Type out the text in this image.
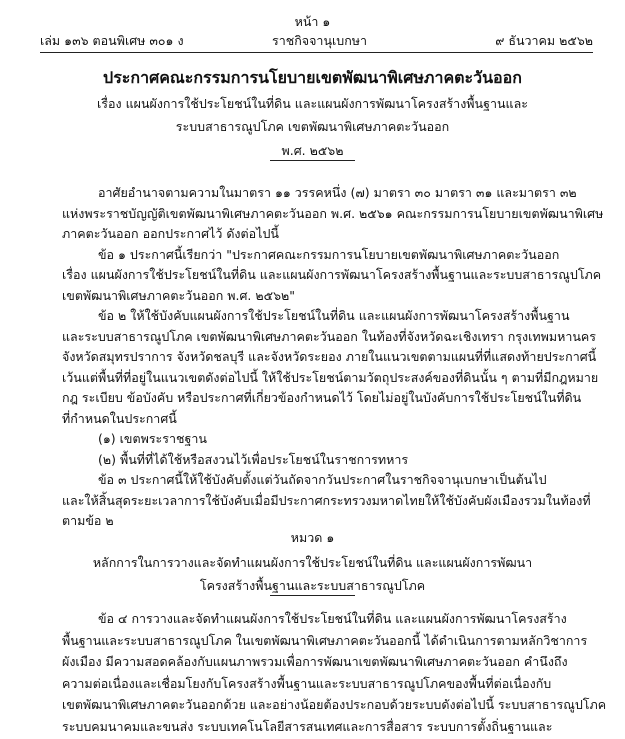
หน้า ๑
เล่ม ๑๓๖ ตอนพิเศษ ๓๐๑ ง	ราชกิจจานุเบกษา	๙ ธันวาคม ๒๕๖๒
ประกาศคณะกรรมการนโยบายเขตพัฒนาพิเศษภาคตะวันออก
เรื่อง แผนผังการใช้ประโยชน์ในที่ดิน และแผนผังการพัฒนาโครงสร้างพื้นฐานและ
ระบบสาธารณูปโภค เขตพัฒนาพิเศษภาคตะวันออก
พ.ศ. ๒๕๖๒
อาศัยอำนาจตามความในมาตรา ๑๑ วรรคหนึ่ง (๗) มาตรา ๓๐ มาตรา ๓๑ และมาตรา ๓๒
แห่งพระราชบัญญัติเขตพัฒนาพิเศษภาคตะวันออก พ.ศ. ๒๕๖๑ คณะกรรมการนโยบายเขตพัฒนาพิเศษ
ภาคตะวันออก ออกประกาศไว้ ดังต่อไปนี้
ข้อ ๑ ประกาศนี้เรียกว่า "ประกาศคณะกรรมการนโยบายเขตพัฒนาพิเศษภาคตะวันออก
เรื่อง แผนผังการใช้ประโยชน์ในที่ดิน และแผนผังการพัฒนาโครงสร้างพื้นฐานและระบบสาธารณูปโภค
เขตพัฒนาพิเศษภาคตะวันออก พ.ศ. ๒๕๖๒"
ข้อ ๒ ให้ใช้บังคับแผนผังการใช้ประโยชน์ในที่ดิน และแผนผังการพัฒนาโครงสร้างพื้นฐาน
และระบบสาธารณูปโภค เขตพัฒนาพิเศษภาคตะวันออก ในท้องที่จังหวัดฉะเชิงเทรา กรุงเทพมหานคร
จังหวัดสมุทรปราการ จังหวัดชลบุรี และจังหวัดระยอง ภายในแนวเขตตามแผนที่ที่แสดงท้ายประกาศนี้
เว้นแต่พื้นที่ที่อยู่ในแนวเขตดังต่อไปนี้ ให้ใช้ประโยชน์ตามวัตถุประสงค์ของที่ดินนั้น ๆ ตามที่มีกฎหมาย
กฎ ระเบียบ ข้อบังคับ หรือประกาศที่เกี่ยวข้องกำหนดไว้ โดยไม่อยู่ในบังคับการใช้ประโยชน์ในที่ดิน
ที่กำหนดในประกาศนี้
(๑) เขตพระราชฐาน
(๒) พื้นที่ที่ได้ใช้หรือสงวนไว้เพื่อประโยชน์ในราชการทหาร
ข้อ ๓ ประกาศนี้ให้ใช้บังคับตั้งแต่วันถัดจากวันประกาศในราชกิจจานุเบกษาเป็นต้นไป
และให้สิ้นสุดระยะเวลาการใช้บังคับเมื่อมีประกาศกระทรวงมหาดไทยให้ใช้บังคับผังเมืองรวมในท้องที่
ตามข้อ ๒
หมวด ๑
หลักการในการวางและจัดทำแผนผังการใช้ประโยชน์ในที่ดิน และแผนผังการพัฒนา
โครงสร้างพื้นฐานและระบบสาธารณูปโภค
ข้อ ๔ การวางและจัดทำแผนผังการใช้ประโยชน์ในที่ดิน และแผนผังการพัฒนาโครงสร้าง
พื้นฐานและระบบสาธารณูปโภค ในเขตพัฒนาพิเศษภาคตะวันออกนี้ ได้ดำเนินการตามหลักวิชาการ
ผังเมือง มีความสอดคล้องกับแผนภาพรวมเพื่อการพัฒนาเขตพัฒนาพิเศษภาคตะวันออก คำนึงถึง
ความต่อเนื่องและเชื่อมโยงกับโครงสร้างพื้นฐานและระบบสาธารณูปโภคของพื้นที่ต่อเนื่องกับ
เขตพัฒนาพิเศษภาคตะวันออกด้วย และอย่างน้อยต้องประกอบด้วยระบบดังต่อไปนี้ ระบบสาธารณูปโภค
ระบบคมนาคมและขนส่ง ระบบเทคโนโลยีสารสนเทศและการสื่อสาร ระบบการตั้งถิ่นฐานและ
